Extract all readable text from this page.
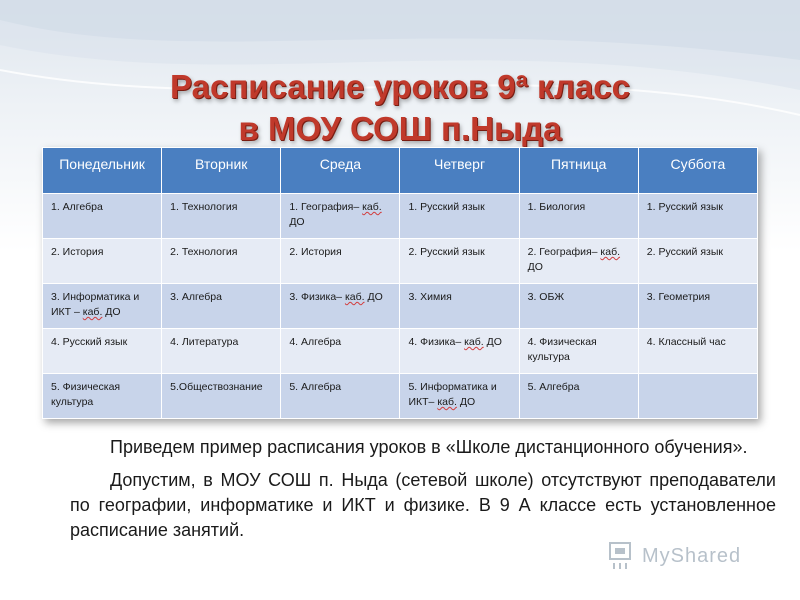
Расписание уроков 9ª класс
в МОУ СОШ п.Ныда
Понедельник	Вторник	Среда	Четверг	Пятница	Суббота
1. Алгебра	1. Технология	1. География– каб. ДО	1. Русский язык	1. Биология	1. Русский язык
2. История	2. Технология	2. История	2. Русский язык	2. География– каб. ДО	2. Русский язык
3. Информатика и ИКТ – каб. ДО	3. Алгебра	3. Физика– каб. ДО	3. Химия	3. ОБЖ	3. Геометрия
4. Русский язык	4. Литература	4. Алгебра	4. Физика– каб. ДО	4. Физическая культура	4. Классный час
5. Физическая культура	5.Обществознание	5. Алгебра	5. Информатика и ИКТ– каб. ДО	5. Алгебра	

Приведем пример расписания уроков в «Школе дистанционного обучения».

Допустим, в МОУ СОШ п. Ныда (сетевой школе) отсутствуют преподаватели по географии, информатике и ИКТ и физике. В 9 А классе есть установленное расписание занятий.

MyShared
